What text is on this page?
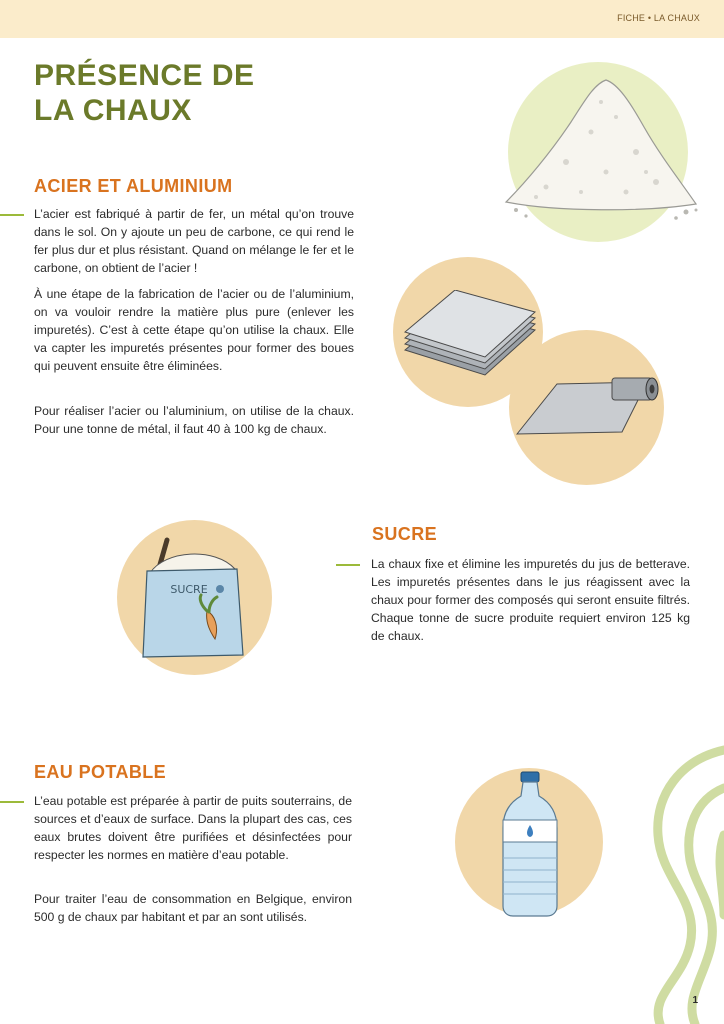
FICHE • LA CHAUX
PRÉSENCE DE
LA CHAUX
ACIER ET ALUMINIUM

L’acier est fabriqué à partir de fer, un métal qu’on trouve dans le sol. On y ajoute un peu de carbone, ce qui rend le fer plus dur et plus résistant. Quand on mélange le fer et le carbone, on obtient de l’acier !

À une étape de la fabrication de l’acier ou de l’aluminium, on va vouloir rendre la matière plus pure (enlever les impuretés). C’est à cette étape qu’on utilise la chaux. Elle va capter les impuretés présentes pour former des boues qui peuvent ensuite être éliminées.

Pour réaliser l’acier ou l’aluminium, on utilise de la chaux. Pour une tonne de métal, il faut 40 à 100 kg de chaux.

SUCRE
SUCRE

La chaux fixe et élimine les impuretés du jus de betterave. Les impuretés présentes dans le jus réagissent avec la chaux pour former des composés qui seront ensuite filtrés. Chaque tonne de sucre produite requiert environ 125 kg de chaux.

EAU POTABLE

L’eau potable est préparée à partir de puits souterrains, de sources et d’eaux de surface. Dans la plupart des cas, ces eaux brutes doivent être purifiées et désinfectées pour respecter les normes en matière d’eau potable.

Pour traiter l’eau de consommation en Belgique, environ 500 g de chaux par habitant et par an sont utilisés.

1
